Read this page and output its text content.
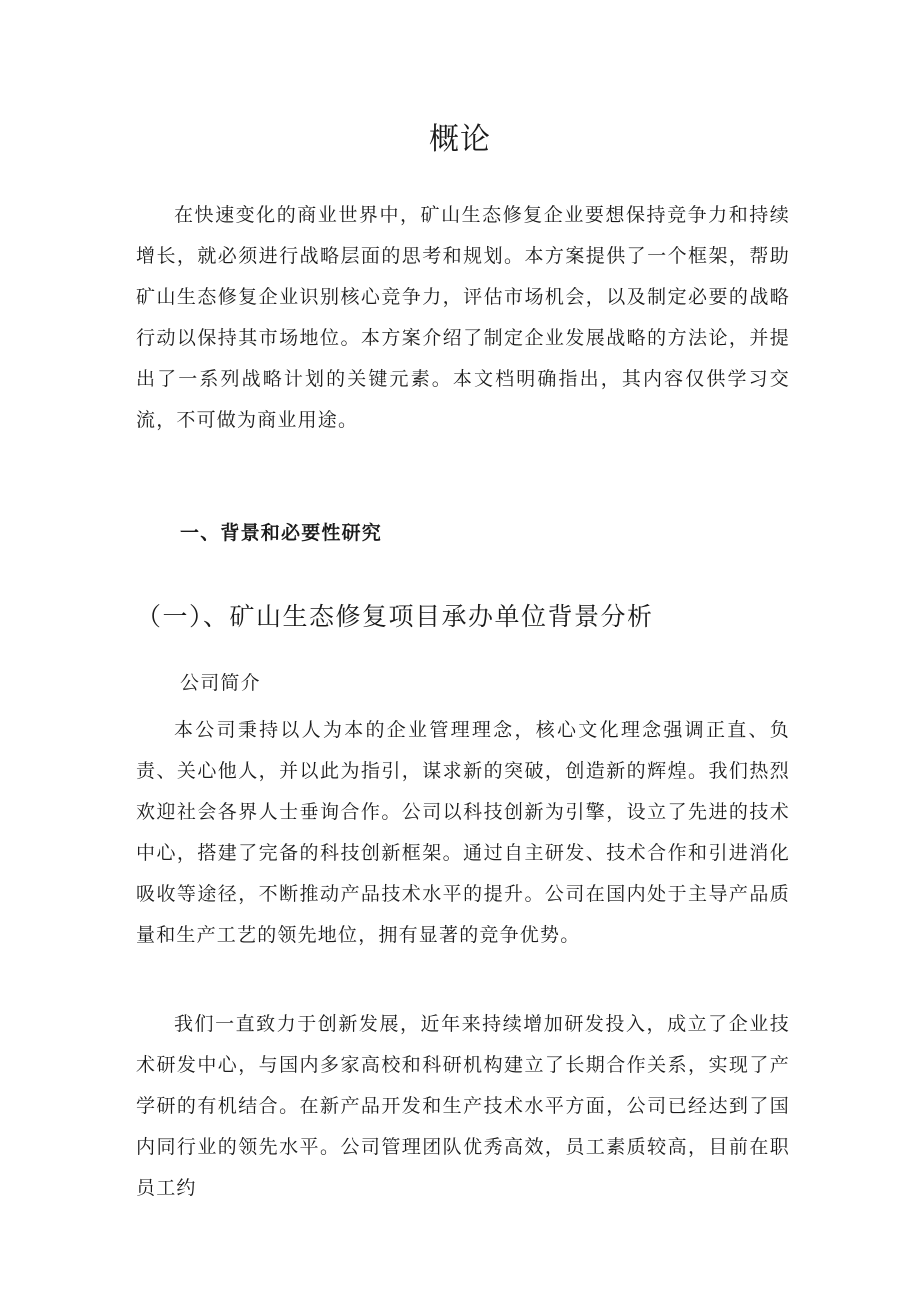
概论

在快速变化的商业世界中，矿山生态修复企业要想保持竞争力和持续增长，就必须进行战略层面的思考和规划。本方案提供了一个框架，帮助矿山生态修复企业识别核心竞争力，评估市场机会，以及制定必要的战略行动以保持其市场地位。本方案介绍了制定企业发展战略的方法论，并提出了一系列战略计划的关键元素。本文档明确指出，其内容仅供学习交流，不可做为商业用途。

一、背景和必要性研究
（一）、矿山生态修复项目承办单位背景分析
公司简介

本公司秉持以人为本的企业管理理念，核心文化理念强调正直、负责、关心他人，并以此为指引，谋求新的突破，创造新的辉煌。我们热烈欢迎社会各界人士垂询合作。公司以科技创新为引擎，设立了先进的技术中心，搭建了完备的科技创新框架。通过自主研发、技术合作和引进消化吸收等途径，不断推动产品技术水平的提升。公司在国内处于主导产品质量和生产工艺的领先地位，拥有显著的竞争优势。

我们一直致力于创新发展，近年来持续增加研发投入，成立了企业技术研发中心，与国内多家高校和科研机构建立了长期合作关系，实现了产学研的有机结合。在新产品开发和生产技术水平方面，公司已经达到了国内同行业的领先水平。公司管理团队优秀高效，员工素质较高，目前在职员工约
